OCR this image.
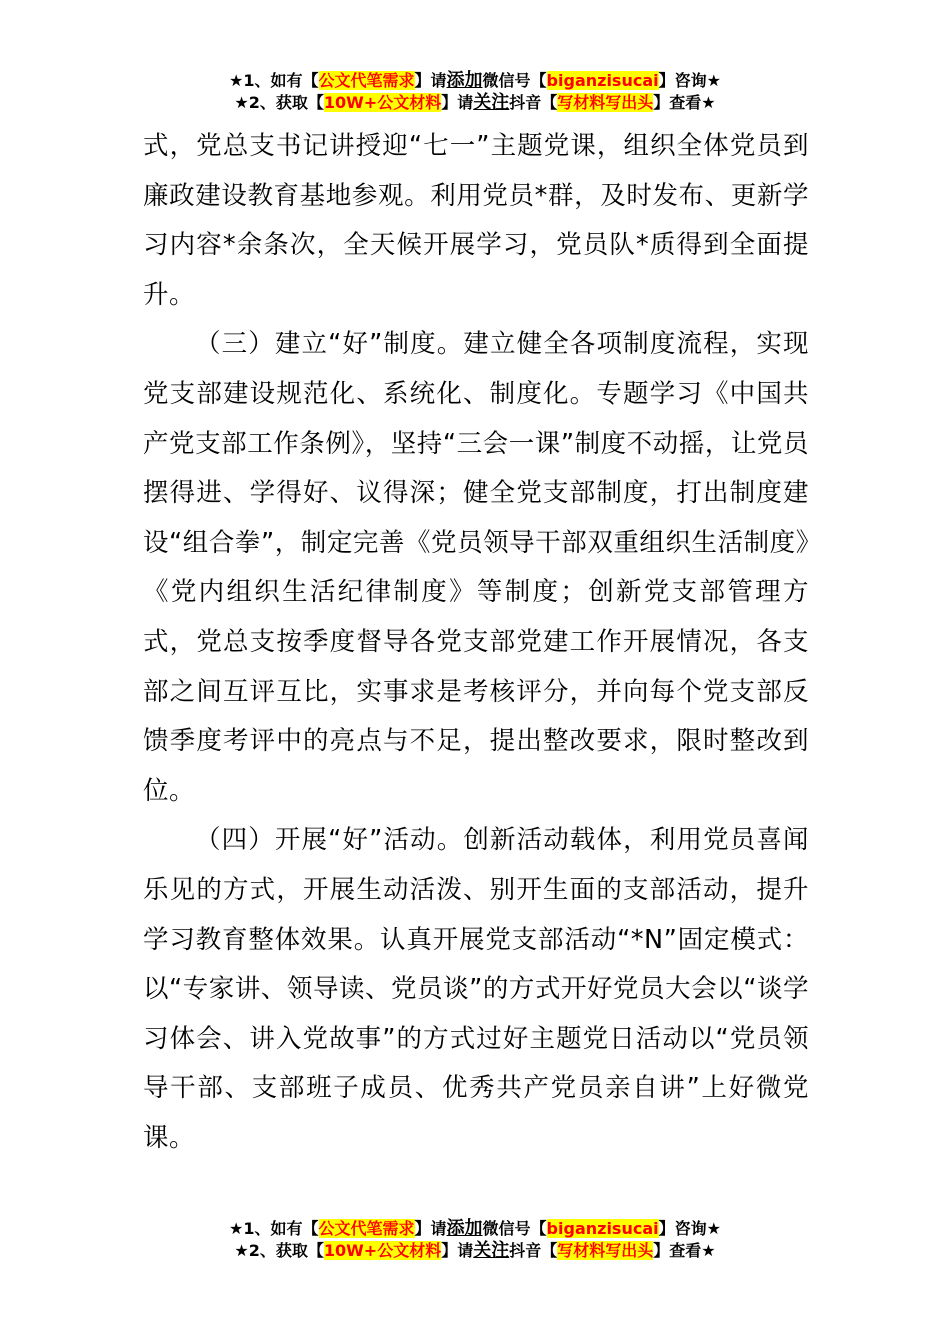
★1、如有【公文代笔需求】请添加微信号【biganzisucai】咨询★
★2、获取【10W+公文材料】请关注抖音【写材料写出头】查看★

式，党总支书记讲授迎“七一”主题党课，组织全体党员到廉政建设教育基地参观。利用党员*群，及时发布、更新学习内容*余条次，全天候开展学习，党员队*质得到全面提升。

（三）建立“好”制度。建立健全各项制度流程，实现党支部建设规范化、系统化、制度化。专题学习《中国共产党支部工作条例》，坚持“三会一课”制度不动摇，让党员摆得进、学得好、议得深；健全党支部制度，打出制度建设“组合拳”，制定完善《党员领导干部双重组织生活制度》《党内组织生活纪律制度》等制度；创新党支部管理方式，党总支按季度督导各党支部党建工作开展情况，各支部之间互评互比，实事求是考核评分，并向每个党支部反馈季度考评中的亮点与不足，提出整改要求，限时整改到位。

（四）开展“好”活动。创新活动载体，利用党员喜闻乐见的方式，开展生动活泼、别开生面的支部活动，提升学习教育整体效果。认真开展党支部活动“*N”固定模式：以“专家讲、领导读、党员谈”的方式开好党员大会以“谈学习体会、讲入党故事”的方式过好主题党日活动以“党员领导干部、支部班子成员、优秀共产党员亲自讲”上好微党课。

★1、如有【公文代笔需求】请添加微信号【biganzisucai】咨询★
★2、获取【10W+公文材料】请关注抖音【写材料写出头】查看★
